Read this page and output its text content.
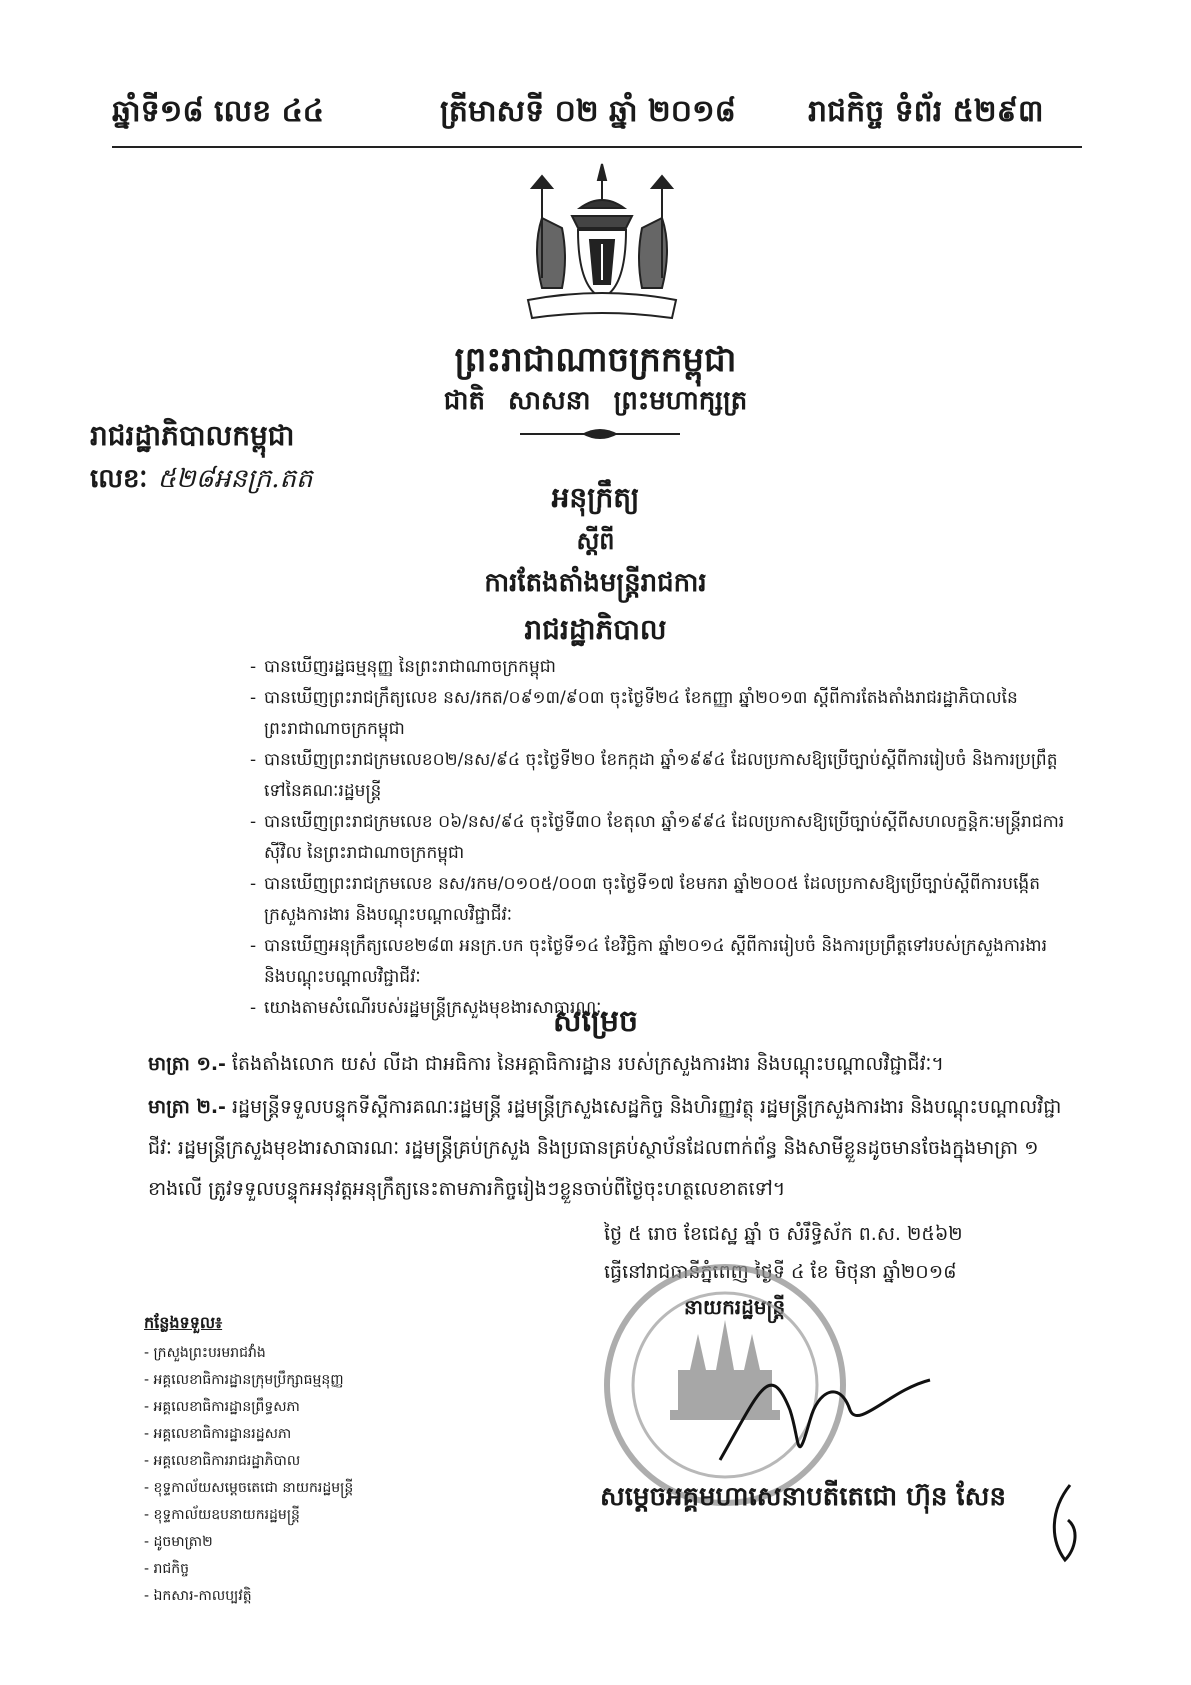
ឆ្នាំទី១៨ លេខ ៤៤	ត្រីមាសទី ០២ ឆ្នាំ ២០១៨ រាជកិច្ច ទំព័រ ៥២៩៣
ព្រះរាជាណាចក្រកម្ពុជា
ជាតិ សាសនា ព្រះមហាក្សត្រ
រាជរដ្ឋាភិបាលកម្ពុជា
លេខៈ ៥២៨អនក្រ.តត
អនុក្រឹត្យ
ស្តីពី
ការតែងតាំងមន្ត្រីរាជការ
រាជរដ្ឋាភិបាល
- បានឃើញរដ្ឋធម្មនុញ្ញ នៃព្រះរាជាណាចក្រកម្ពុជា
- បានឃើញព្រះរាជក្រឹត្យលេខ នស/រកត/០៩១៣/៩០៣ ចុះថ្ងៃទី២៤ ខែកញ្ញា ឆ្នាំ២០១៣ ស្តីពីការតែងតាំងរាជរដ្ឋាភិបាលនៃព្រះរាជាណាចក្រកម្ពុជា
- បានឃើញព្រះរាជក្រមលេខ០២/នស/៩៤ ចុះថ្ងៃទី២០ ខែកក្កដា ឆ្នាំ១៩៩៤ ដែលប្រកាសឱ្យប្រើច្បាប់ស្តីពីការរៀបចំ និងការប្រព្រឹត្តទៅនៃគណៈរដ្ឋមន្ត្រី
- បានឃើញព្រះរាជក្រមលេខ ០៦/នស/៩៤ ចុះថ្ងៃទី៣០ ខែតុលា ឆ្នាំ១៩៩៤ ដែលប្រកាសឱ្យប្រើច្បាប់ស្តីពីសហលក្ខន្តិកៈមន្ត្រីរាជការស៊ីវិល នៃព្រះរាជាណាចក្រកម្ពុជា
- បានឃើញព្រះរាជក្រមលេខ នស/រកម/០១០៥/០០៣ ចុះថ្ងៃទី១៧ ខែមករា ឆ្នាំ២០០៥ ដែលប្រកាសឱ្យប្រើច្បាប់ស្តីពីការបង្កើតក្រសួងការងារ និងបណ្តុះបណ្តាលវិជ្ជាជីវៈ
- បានឃើញអនុក្រឹត្យលេខ២៨៣ អនក្រ.បក ចុះថ្ងៃទី១៤ ខែវិច្ឆិកា ឆ្នាំ២០១៤ ស្តីពីការរៀបចំ និងការប្រព្រឹត្តទៅរបស់ក្រសួងការងារ និងបណ្តុះបណ្តាលវិជ្ជាជីវៈ
- យោងតាមសំណើរបស់រដ្ឋមន្ត្រីក្រសួងមុខងារសាធារណៈ
សម្រេច
មាត្រា ១.- តែងតាំងលោក យស់ លីដា ជាអធិការ នៃអគ្គាធិការដ្ឋាន របស់ក្រសួងការងារ និងបណ្តុះបណ្តាលវិជ្ជាជីវៈ។
មាត្រា ២.- រដ្ឋមន្ត្រីទទួលបន្ទុកទីស្តីការគណៈរដ្ឋមន្ត្រី រដ្ឋមន្ត្រីក្រសួងសេដ្ឋកិច្ច និងហិរញ្ញវត្ថុ រដ្ឋមន្ត្រីក្រសួងការងារ និងបណ្តុះបណ្តាលវិជ្ជាជីវៈ រដ្ឋមន្ត្រីក្រសួងមុខងារសាធារណៈ រដ្ឋមន្ត្រីគ្រប់ក្រសួង និងប្រធានគ្រប់ស្ថាប័នដែលពាក់ព័ន្ធ និងសាមីខ្លួនដូចមានចែងក្នុងមាត្រា ១ ខាងលើ ត្រូវទទួលបន្ទុកអនុវត្តអនុក្រឹត្យនេះតាមភារកិច្ចរៀងៗខ្លួនចាប់ពីថ្ងៃចុះហត្ថលេខាតទៅ។
ថ្ងៃ ៥ រោច ខែជេស្ឋ ឆ្នាំ ច សំរឹទ្ធិស័ក ព.ស. ២៥៦២
ធ្វើនៅរាជធានីភ្នំពេញ ថ្ងៃទី ៤ ខែ មិថុនា ឆ្នាំ២០១៨
នាយករដ្ឋមន្ត្រី
សម្តេចអគ្គមហាសេនាបតីតេជោ ហ៊ុន សែន
កន្លែងទទួល៖
- ក្រសួងព្រះបរមរាជវាំង
- អគ្គលេខាធិការដ្ឋានក្រុមប្រឹក្សាធម្មនុញ្ញ
- អគ្គលេខាធិការដ្ឋានព្រឹទ្ធសភា
- អគ្គលេខាធិការដ្ឋានរដ្ឋសភា
- អគ្គលេខាធិការរាជរដ្ឋាភិបាល
- ខុទ្ទកាល័យសម្តេចតេជោ នាយករដ្ឋមន្ត្រី
- ខុទ្ទកាល័យឧបនាយករដ្ឋមន្ត្រី
- ដូចមាត្រា២
- រាជកិច្ច
- ឯកសារ-កាលប្បវត្តិ
